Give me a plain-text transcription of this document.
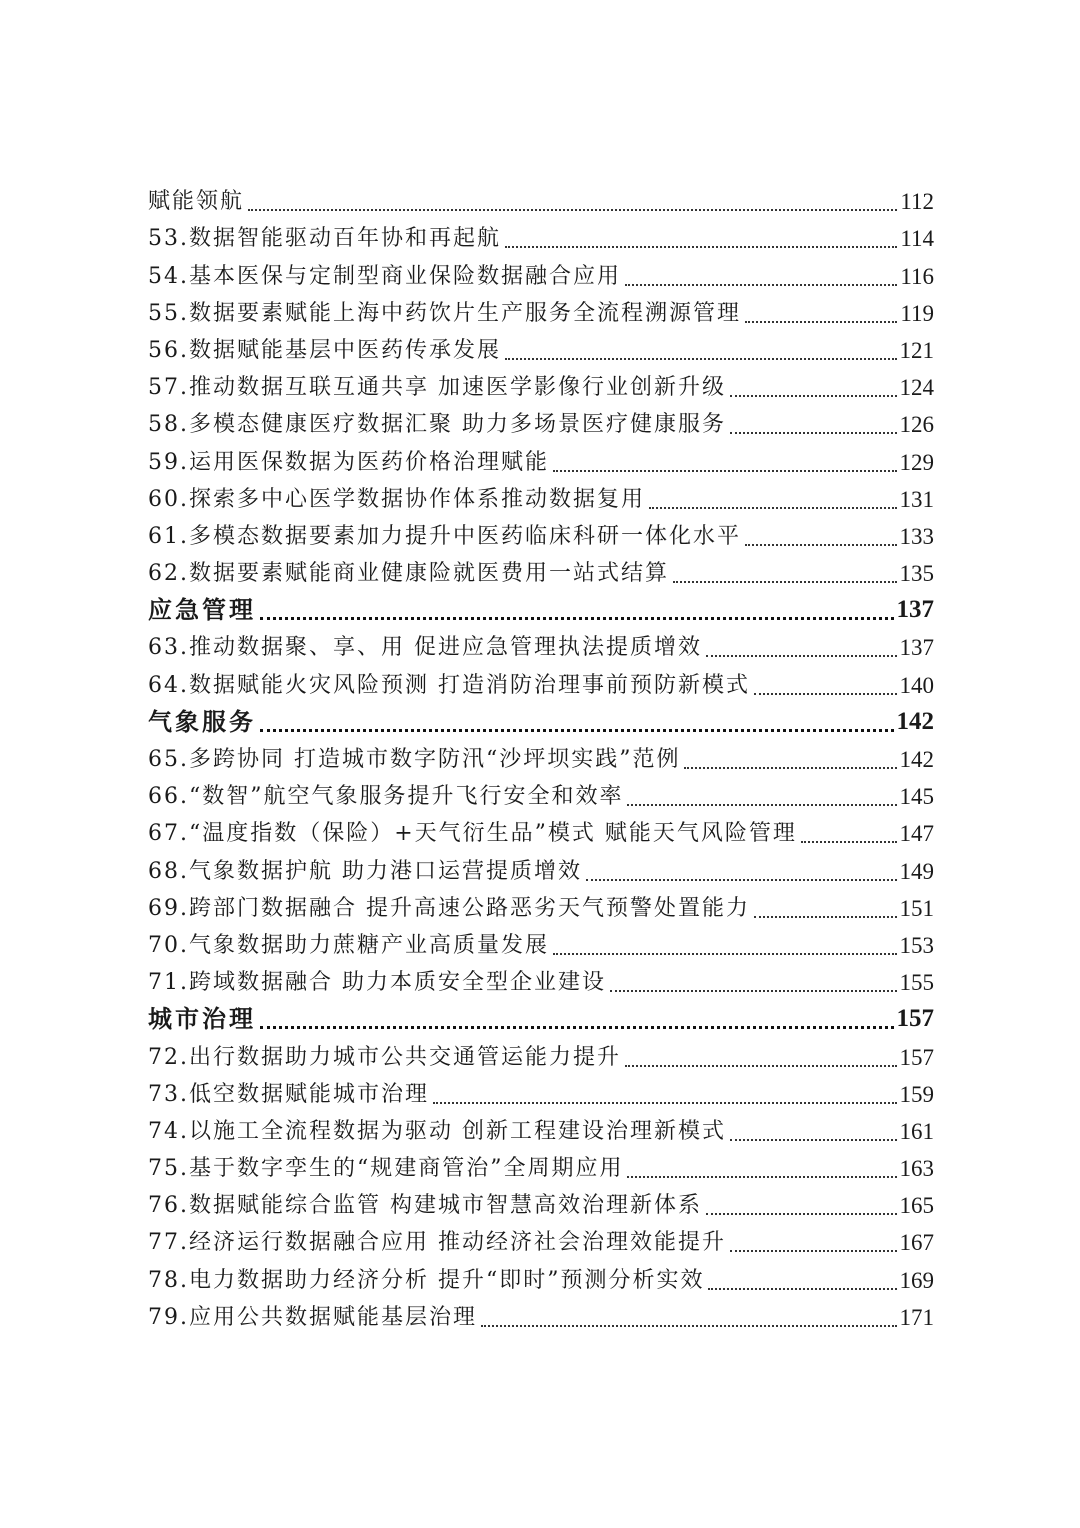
赋能领航	112
53.数据智能驱动百年协和再起航	114
54.基本医保与定制型商业保险数据融合应用	116
55.数据要素赋能上海中药饮片生产服务全流程溯源管理	119
56.数据赋能基层中医药传承发展	121
57.推动数据互联互通共享 加速医学影像行业创新升级	124
58.多模态健康医疗数据汇聚 助力多场景医疗健康服务	126
59.运用医保数据为医药价格治理赋能	129
60.探索多中心医学数据协作体系推动数据复用	131
61.多模态数据要素加力提升中医药临床科研一体化水平	133
62.数据要素赋能商业健康险就医费用一站式结算	135
应急管理	137
63.推动数据聚、享、用 促进应急管理执法提质增效	137
64.数据赋能火灾风险预测 打造消防治理事前预防新模式	140
气象服务	142
65.多跨协同 打造城市数字防汛“沙坪坝实践”范例	142
66.“数智”航空气象服务提升飞行安全和效率	145
67.“温度指数（保险）+天气衍生品”模式 赋能天气风险管理	147
68.气象数据护航 助力港口运营提质增效	149
69.跨部门数据融合 提升高速公路恶劣天气预警处置能力	151
70.气象数据助力蔗糖产业高质量发展	153
71.跨域数据融合 助力本质安全型企业建设	155
城市治理	157
72.出行数据助力城市公共交通管运能力提升	157
73.低空数据赋能城市治理	159
74.以施工全流程数据为驱动 创新工程建设治理新模式	161
75.基于数字孪生的“规建商管治”全周期应用	163
76.数据赋能综合监管 构建城市智慧高效治理新体系	165
77.经济运行数据融合应用 推动经济社会治理效能提升	167
78.电力数据助力经济分析 提升“即时”预测分析实效	169
79.应用公共数据赋能基层治理	171
